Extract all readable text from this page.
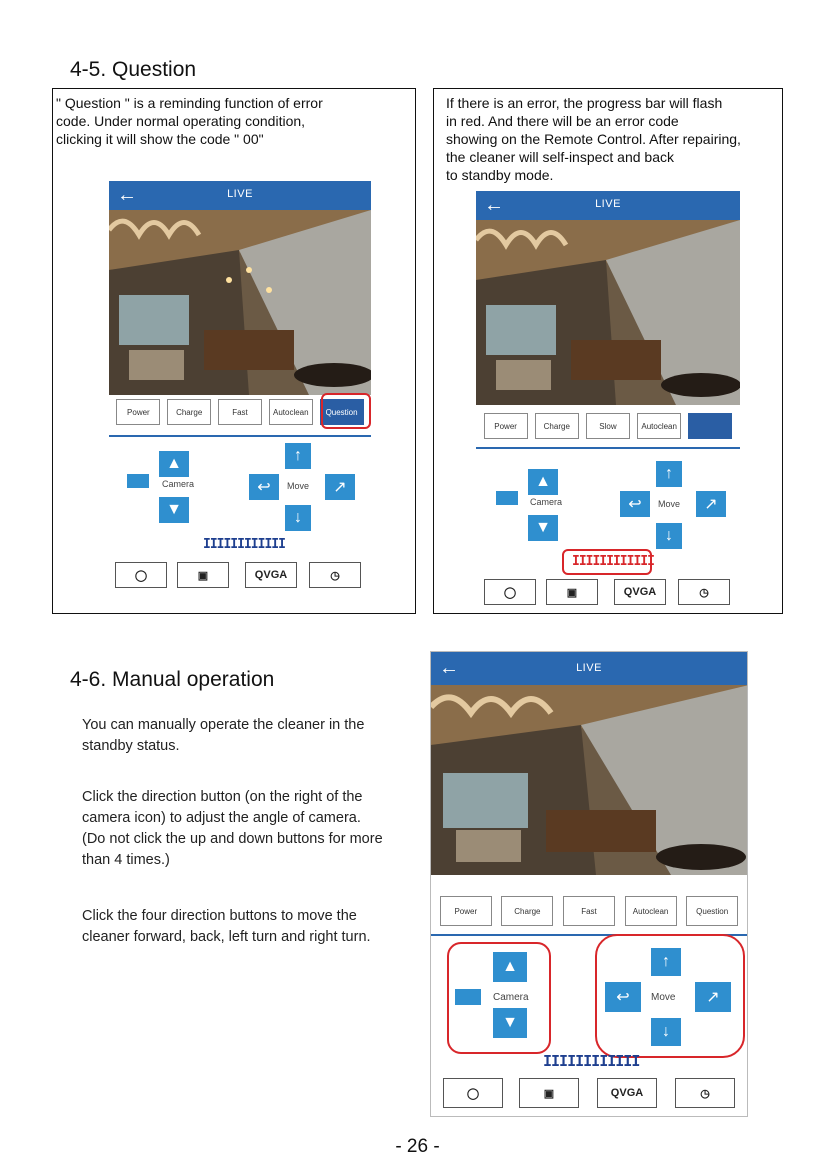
4-5. Question
" Question " is a reminding function of error
code. Under normal operating condition,
clicking it will show the code " 00"
←	LIVE
Power	Charge	Fast	Autoclean	Question
▲
Camera
▼
↑
↩	Move	↗
↓
IIIIIIIIIIII
◯	▣	QVGA	◷
If there is an error, the progress bar will flash
in red. And there will be an error code
showing on the Remote Control. After repairing,
the cleaner will self-inspect and back
to standby mode.
←	LIVE
Power	Charge	Slow	Autoclean
▲
Camera
▼
↑
↩	Move	↗
↓
IIIIIIIIIIII
◯	▣	QVGA	◷
4-6. Manual operation
You can manually operate the cleaner in the
standby status.
Click the direction button (on the right of the
camera icon) to adjust the angle of camera.
(Do not click the up and down buttons for more
than 4 times.)
Click the four direction buttons to move the
cleaner forward, back, left turn and right turn.
←	LIVE
Power	Charge	Fast	Autoclean	Question
▲
Camera
▼
↑
↩	Move	↗
↓
IIIIIIIIIIII
◯	▣	QVGA	◷
- 26 -
